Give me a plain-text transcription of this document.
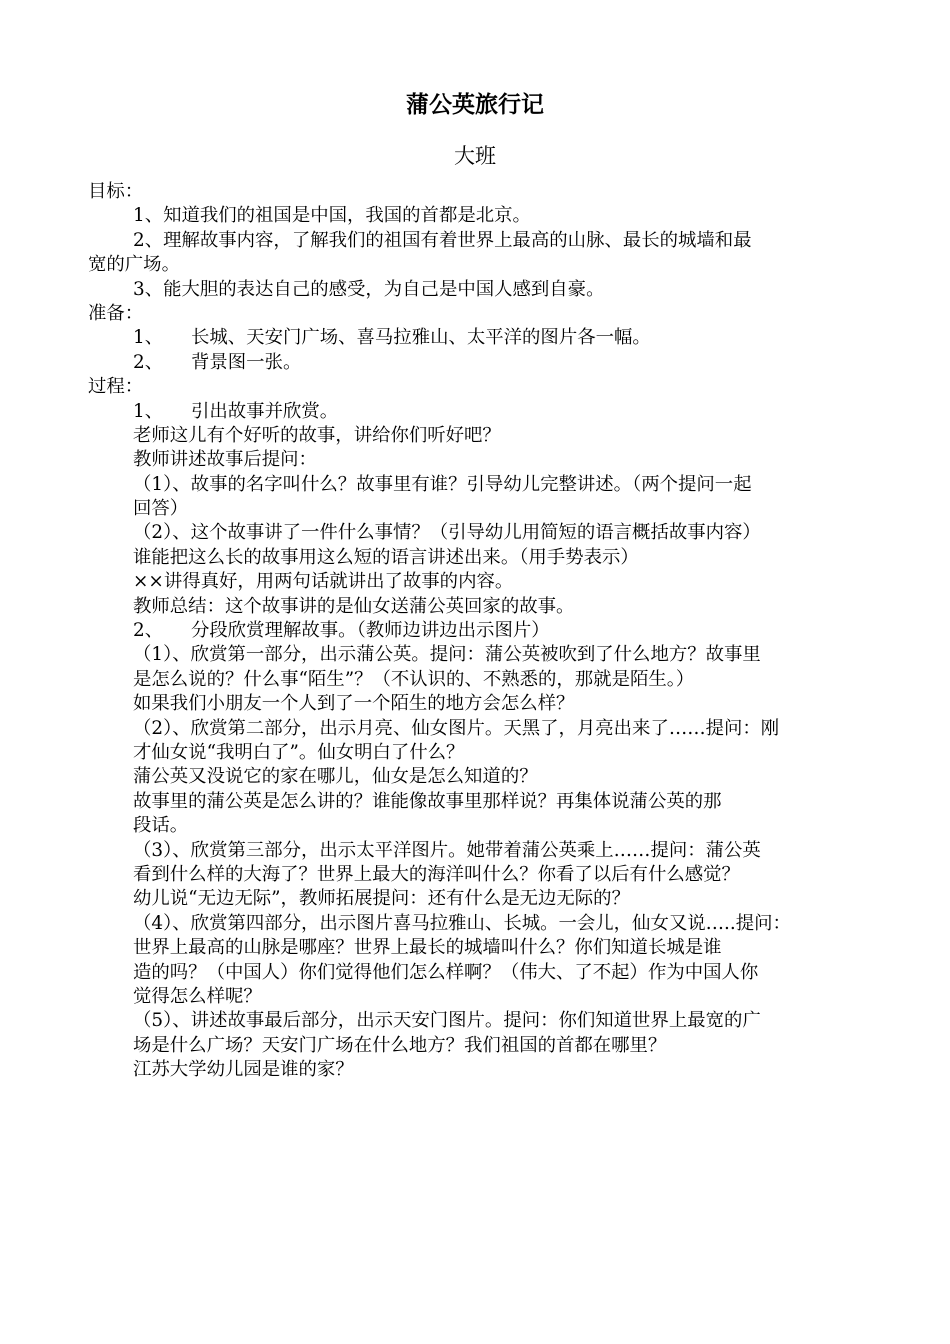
蒲公英旅行记
大班
目标：
1、知道我们的祖国是中国，我国的首都是北京。
2、理解故事内容，了解我们的祖国有着世界上最高的山脉、最长的城墙和最
宽的广场。
3、能大胆的表达自己的感受，为自己是中国人感到自豪。
准备：
1、 长城、天安门广场、喜马拉雅山、太平洋的图片各一幅。
2、 背景图一张。
过程：
1、 引出故事并欣赏。
老师这儿有个好听的故事，讲给你们听好吧？
教师讲述故事后提问：
（1）、故事的名字叫什么？故事里有谁？引导幼儿完整讲述。（两个提问一起
回答）
（2）、这个故事讲了一件什么事情？（引导幼儿用简短的语言概括故事内容）
谁能把这么长的故事用这么短的语言讲述出来。（用手势表示）
××讲得真好，用两句话就讲出了故事的内容。
教师总结：这个故事讲的是仙女送蒲公英回家的故事。
2、 分段欣赏理解故事。（教师边讲边出示图片）
（1）、欣赏第一部分，出示蒲公英。提问：蒲公英被吹到了什么地方？故事里
是怎么说的？什么事“陌生”？（不认识的、不熟悉的，那就是陌生。）
如果我们小朋友一个人到了一个陌生的地方会怎么样？
（2）、欣赏第二部分，出示月亮、仙女图片。天黑了，月亮出来了……提问：刚
才仙女说“我明白了”。仙女明白了什么？
蒲公英又没说它的家在哪儿，仙女是怎么知道的？
故事里的蒲公英是怎么讲的？谁能像故事里那样说？再集体说蒲公英的那
段话。
（3）、欣赏第三部分，出示太平洋图片。她带着蒲公英乘上……提问：蒲公英
看到什么样的大海了？世界上最大的海洋叫什么？你看了以后有什么感觉？
幼儿说“无边无际”，教师拓展提问：还有什么是无边无际的？
（4）、欣赏第四部分，出示图片喜马拉雅山、长城。一会儿，仙女又说…..提问：
世界上最高的山脉是哪座？世界上最长的城墙叫什么？你们知道长城是谁
造的吗？（中国人）你们觉得他们怎么样啊？（伟大、了不起）作为中国人你
觉得怎么样呢？
（5）、讲述故事最后部分，出示天安门图片。提问：你们知道世界上最宽的广
场是什么广场？天安门广场在什么地方？我们祖国的首都在哪里？
江苏大学幼儿园是谁的家？
